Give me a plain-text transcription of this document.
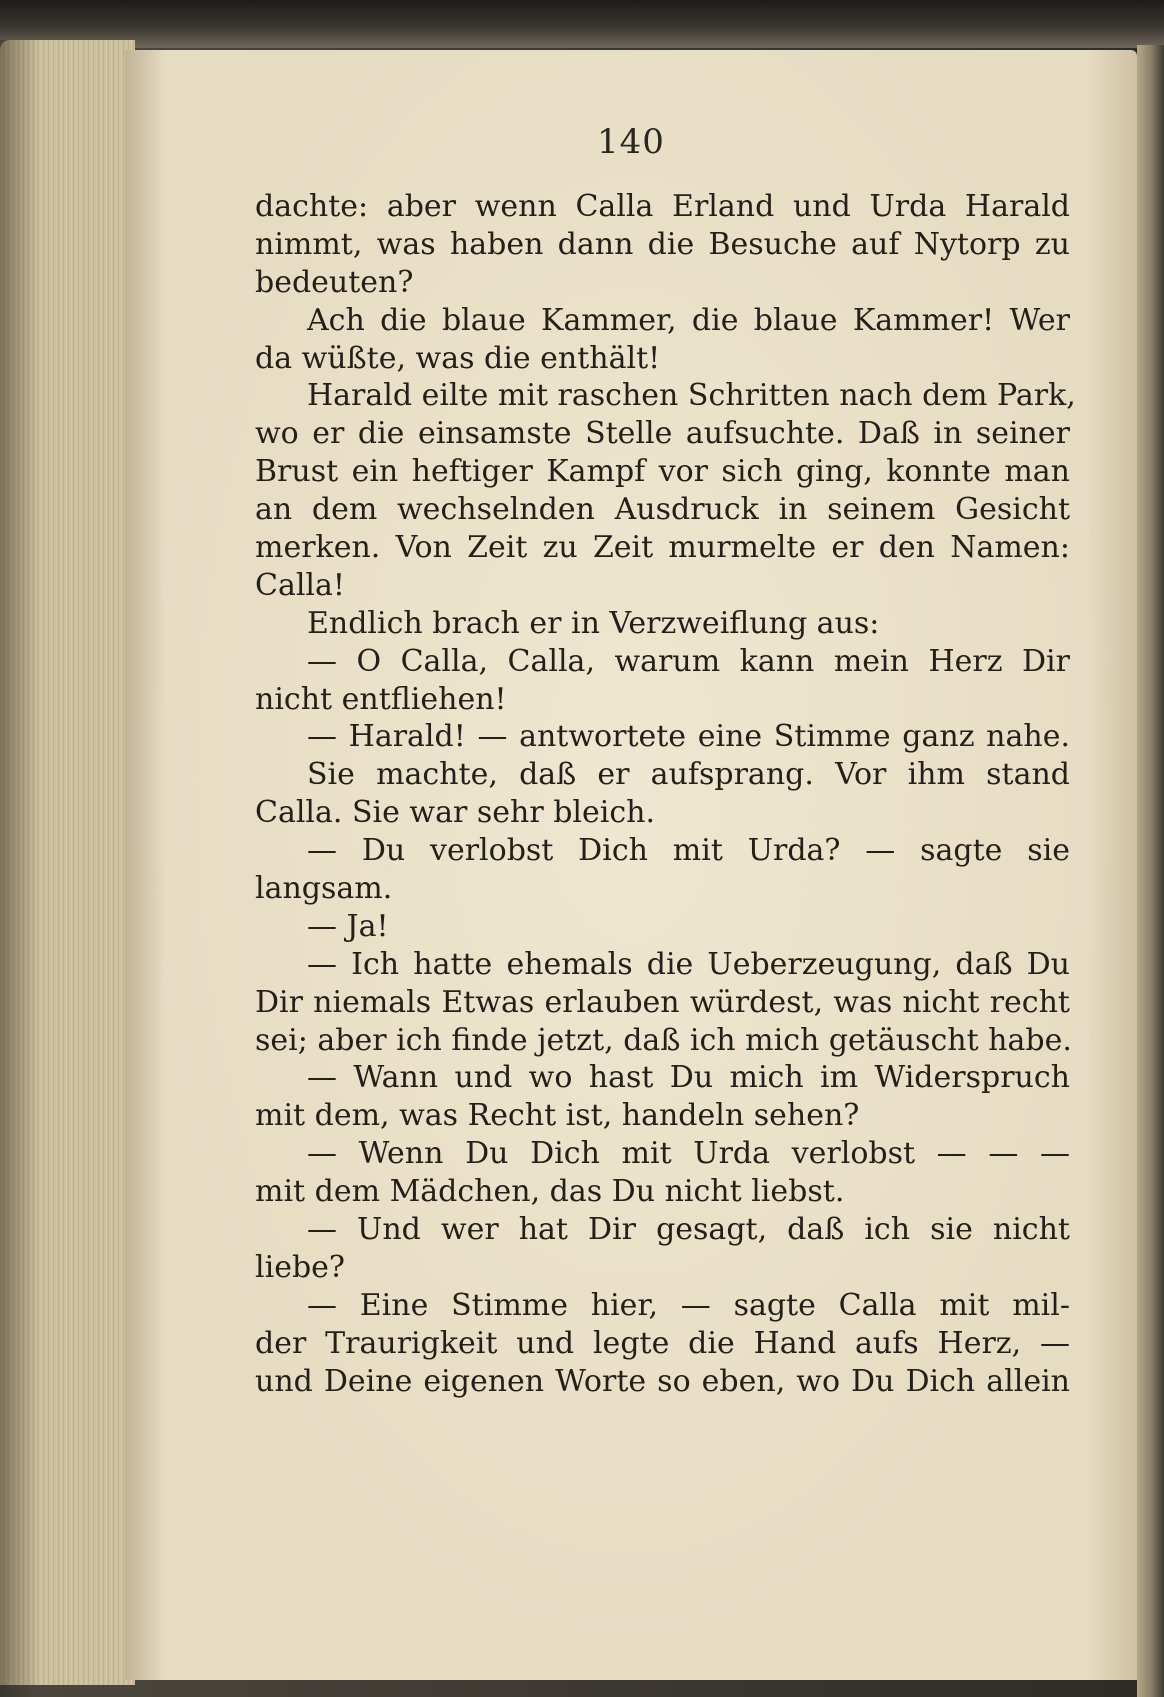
140
dachte: aber wenn Calla Erland und Urda Harald
nimmt, was haben dann die Besuche auf Nytorp zu
bedeuten?
Ach die blaue Kammer, die blaue Kammer! Wer
da wüßte, was die enthält!
Harald eilte mit raschen Schritten nach dem Park,
wo er die einsamste Stelle aufsuchte. Daß in seiner
Brust ein heftiger Kampf vor sich ging, konnte man
an dem wechselnden Ausdruck in seinem Gesicht
merken. Von Zeit zu Zeit murmelte er den Namen:
Calla!
Endlich brach er in Verzweiflung aus:
— O Calla, Calla, warum kann mein Herz Dir
nicht entfliehen!
— Harald! — antwortete eine Stimme ganz nahe.
Sie machte, daß er aufsprang. Vor ihm stand
Calla. Sie war sehr bleich.
— Du verlobst Dich mit Urda? — sagte sie
langsam.
— Ja!
— Ich hatte ehemals die Ueberzeugung, daß Du
Dir niemals Etwas erlauben würdest, was nicht recht
sei; aber ich finde jetzt, daß ich mich getäuscht habe.
— Wann und wo hast Du mich im Widerspruch
mit dem, was Recht ist, handeln sehen?
— Wenn Du Dich mit Urda verlobst — — —
mit dem Mädchen, das Du nicht liebst.
— Und wer hat Dir gesagt, daß ich sie nicht
liebe?
— Eine Stimme hier, — sagte Calla mit mil-
der Traurigkeit und legte die Hand aufs Herz, —
und Deine eigenen Worte so eben, wo Du Dich allein
